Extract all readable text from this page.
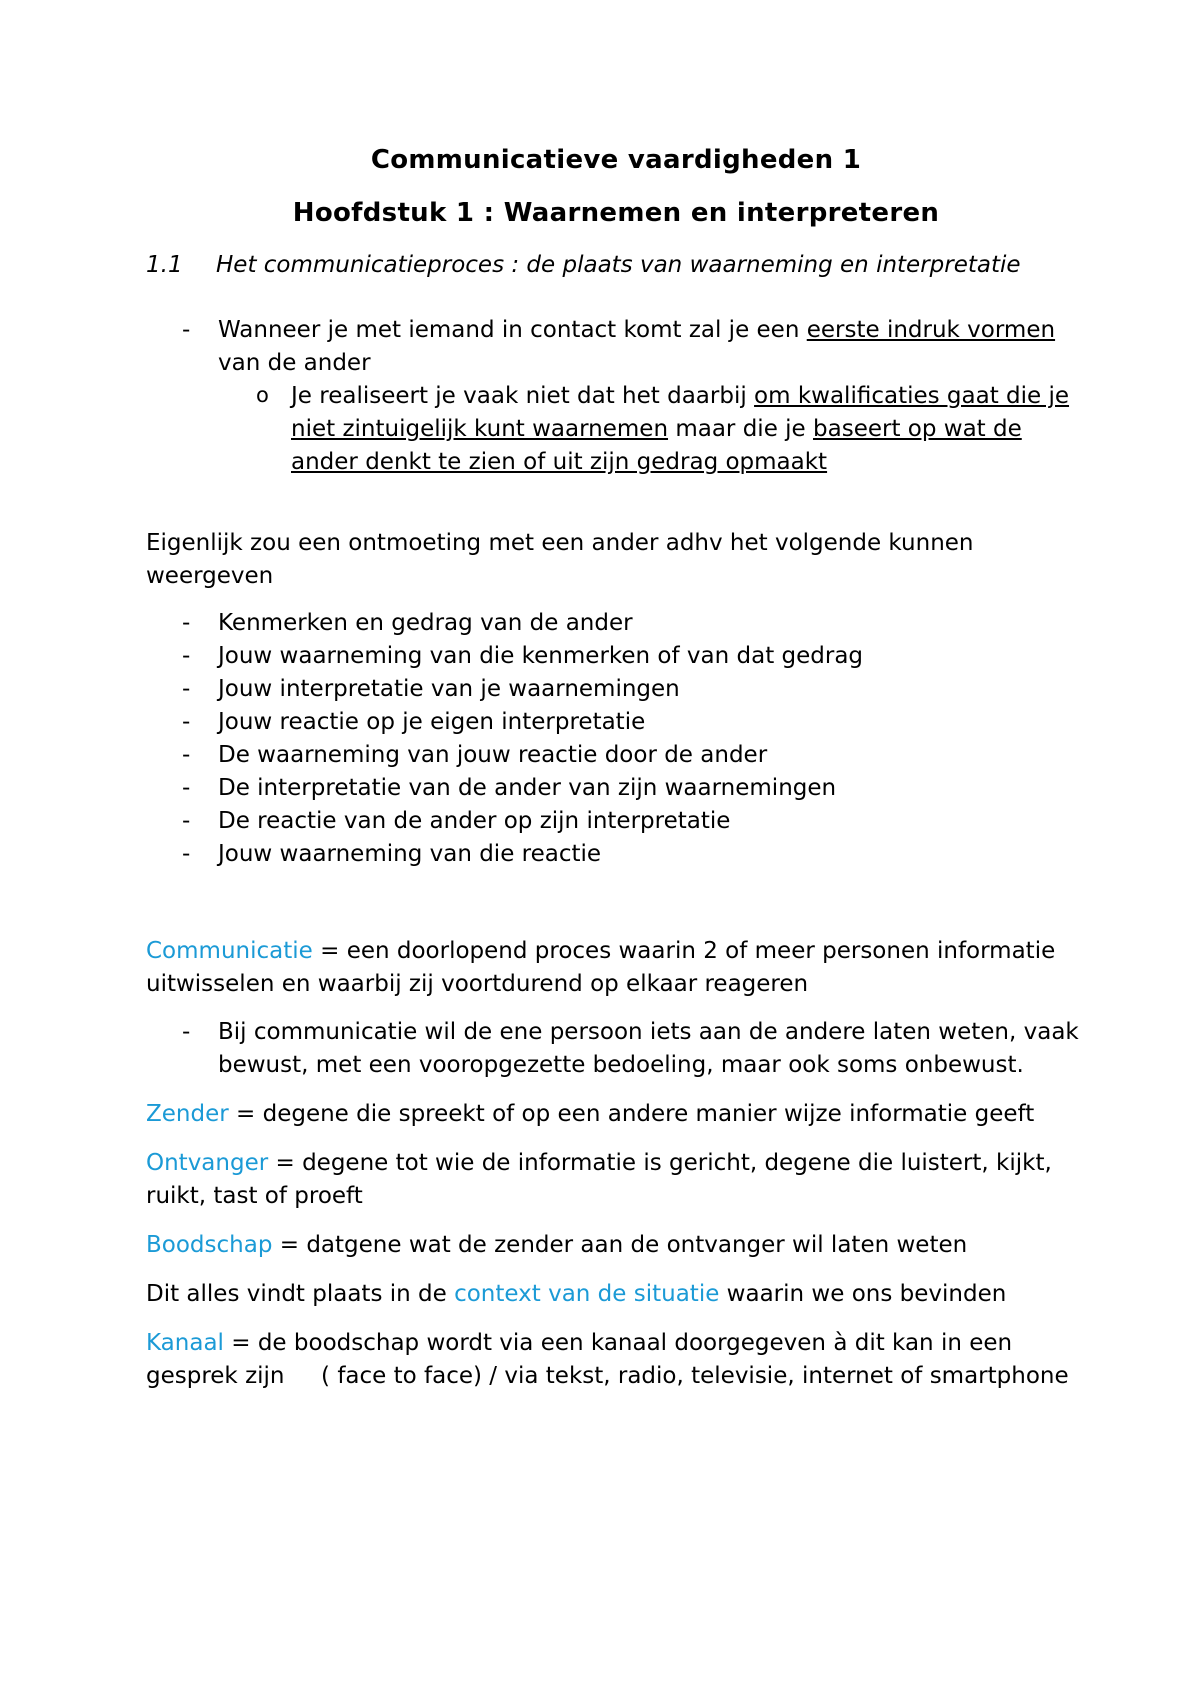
Communicatieve vaardigheden 1

Hoofdstuk 1 : Waarnemen en interpreteren

1.1	Het communicatieproces : de plaats van waarneming en interpretatie
- Wanneer je met iemand in contact komt zal je een eerste indruk vormen van de ander
o Je realiseert je vaak niet dat het daarbij om kwalificaties gaat die je niet zintuigelijk kunt waarnemen maar die je baseert op wat de ander denkt te zien of uit zijn gedrag opmaakt

Eigenlijk zou een ontmoeting met een ander adhv het volgende kunnen weergeven

- Kenmerken en gedrag van de ander
- Jouw waarneming van die kenmerken of van dat gedrag
- Jouw interpretatie van je waarnemingen
- Jouw reactie op je eigen interpretatie
- De waarneming van jouw reactie door de ander
- De interpretatie van de ander van zijn waarnemingen
- De reactie van de ander op zijn interpretatie
- Jouw waarneming van die reactie

Communicatie = een doorlopend proces waarin 2 of meer personen informatie uitwisselen en waarbij zij voortdurend op elkaar reageren

- Bij communicatie wil de ene persoon iets aan de andere laten weten, vaak bewust, met een vooropgezette bedoeling, maar ook soms onbewust.

Zender = degene die spreekt of op een andere manier wijze informatie geeft

Ontvanger = degene tot wie de informatie is gericht, degene die luistert, kijkt, ruikt, tast of proeft

Boodschap = datgene wat de zender aan de ontvanger wil laten weten

Dit alles vindt plaats in de context van de situatie waarin we ons bevinden

Kanaal = de boodschap wordt via een kanaal doorgegeven à dit kan in een gesprek zijn     ( face to face) / via tekst, radio, televisie, internet of smartphone
